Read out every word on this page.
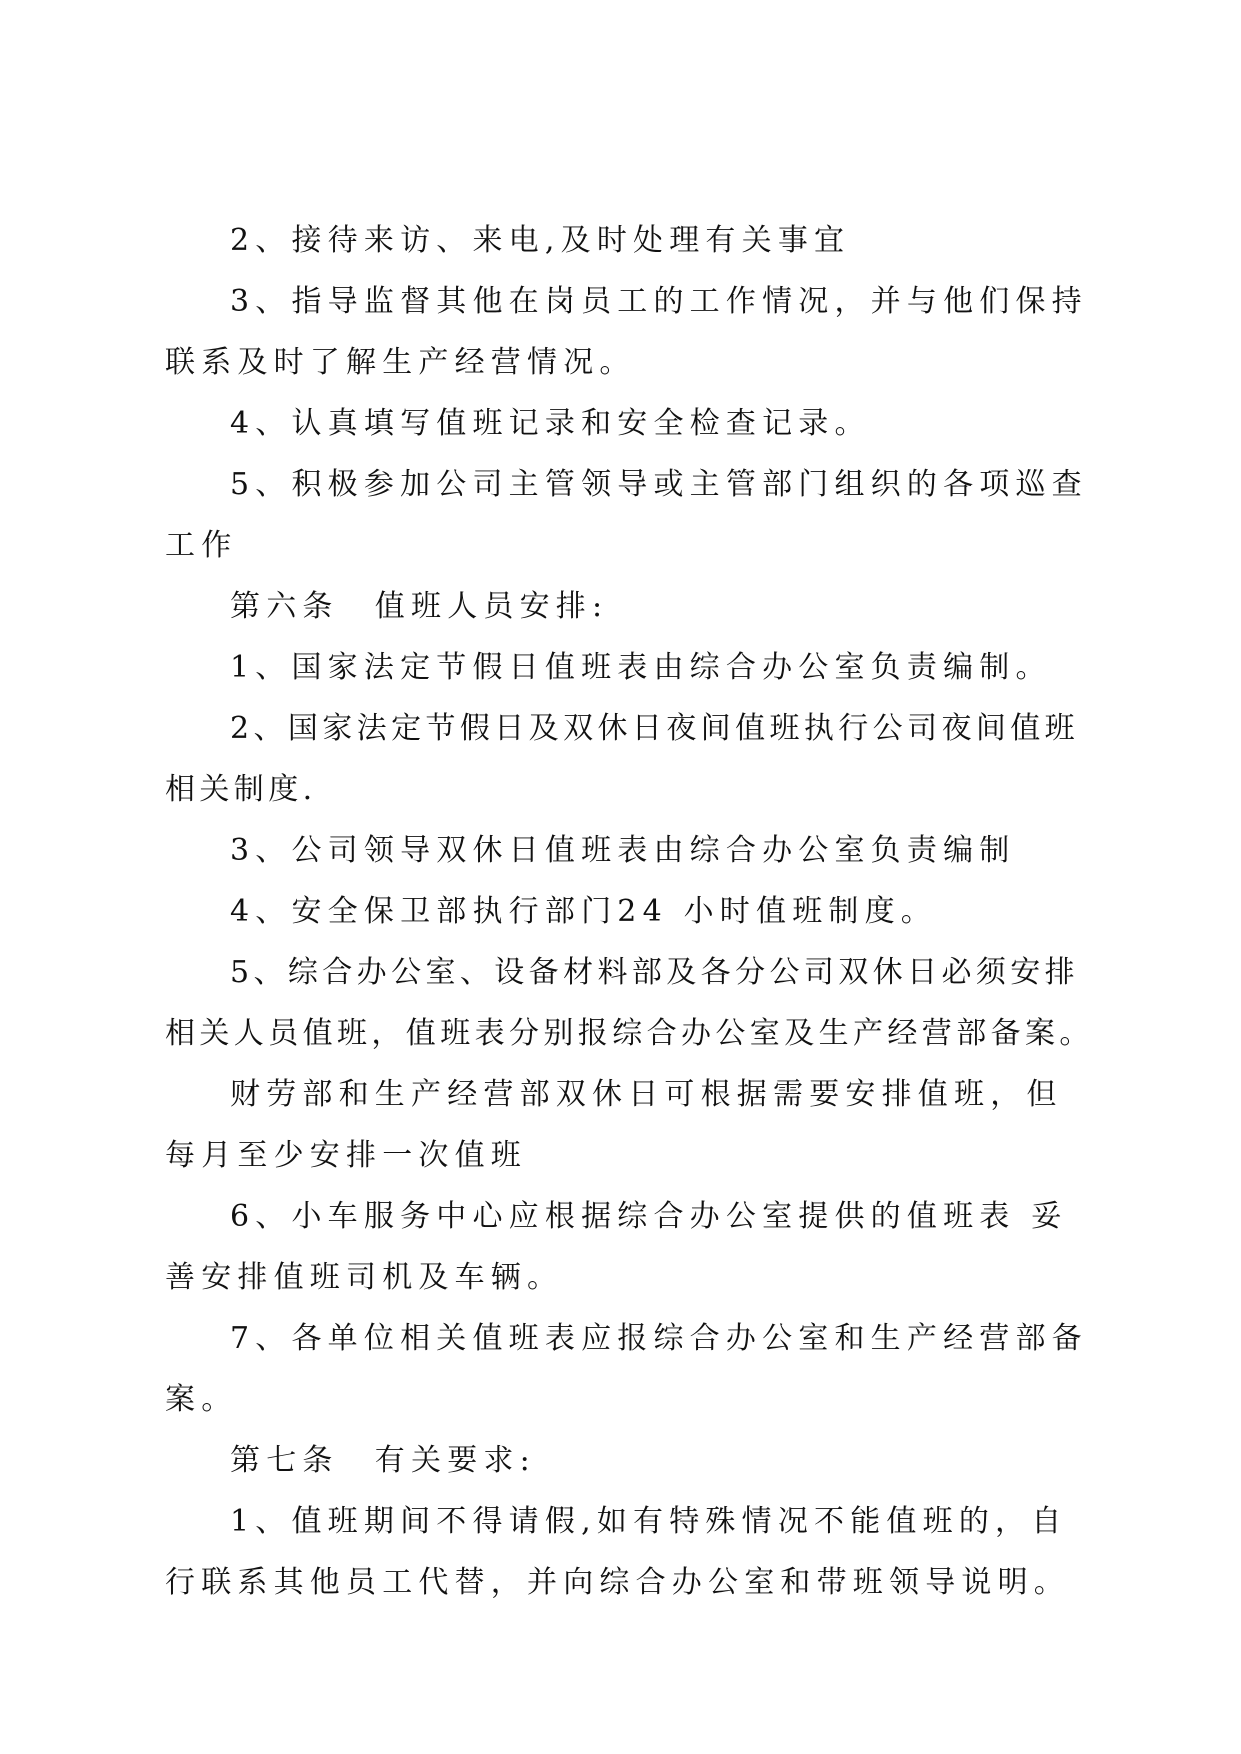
2、接待来访、来电,及时处理有关事宜

3、指导监督其他在岗员工的工作情况，并与他们保持联系及时了解生产经营情况。

4、认真填写值班记录和安全检查记录。

5、积极参加公司主管领导或主管部门组织的各项巡查工作

第六条　值班人员安排:

1、国家法定节假日值班表由综合办公室负责编制。

2、国家法定节假日及双休日夜间值班执行公司夜间值班相关制度.

3、公司领导双休日值班表由综合办公室负责编制

4、安全保卫部执行部门24 小时值班制度。

5、综合办公室、设备材料部及各分公司双休日必须安排相关人员值班，值班表分别报综合办公室及生产经营部备案。

财劳部和生产经营部双休日可根据需要安排值班，但每月至少安排一次值班

6、小车服务中心应根据综合办公室提供的值班表 妥善安排值班司机及车辆。

7、各单位相关值班表应报综合办公室和生产经营部备案。

第七条　有关要求:

1、值班期间不得请假,如有特殊情况不能值班的，自行联系其他员工代替，并向综合办公室和带班领导说明。
